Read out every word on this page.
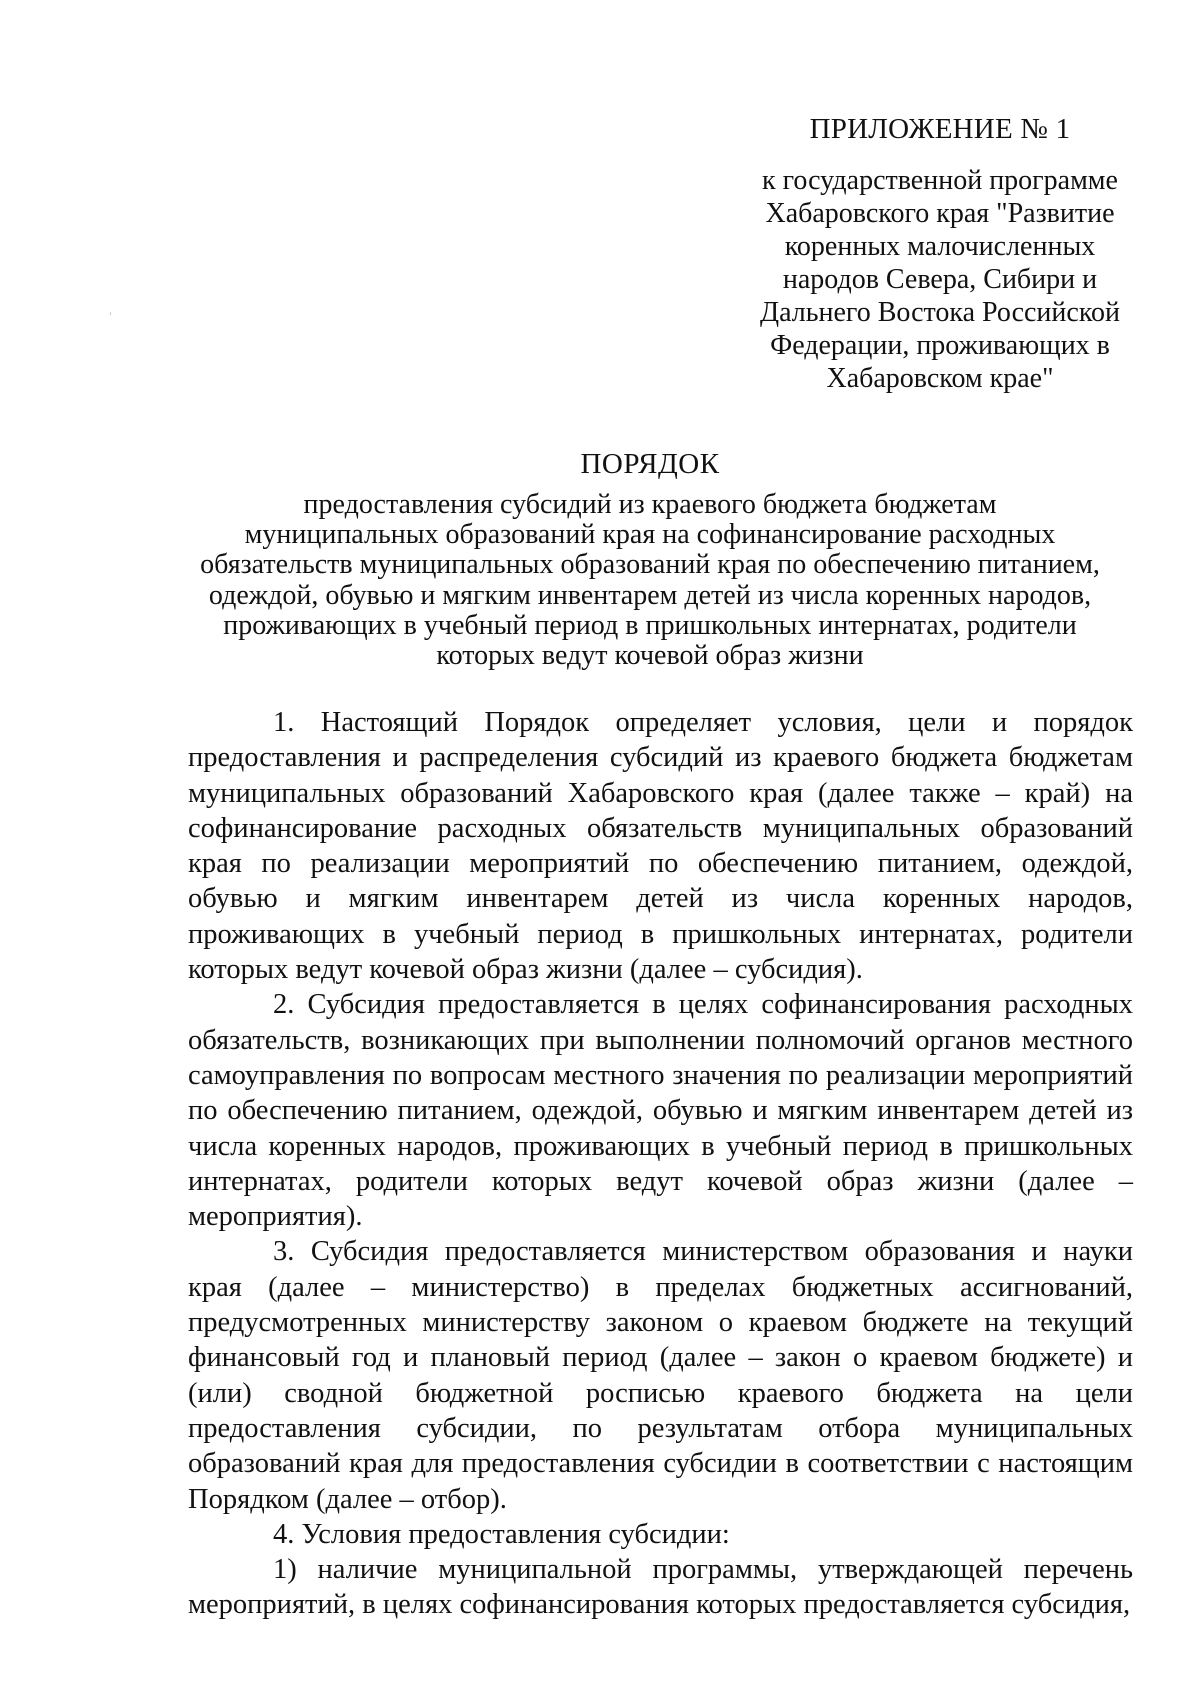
ПРИЛОЖЕНИЕ № 1
к государственной программе
Хабаровского края "Развитие
коренных малочисленных
народов Севера, Сибири и
Дальнего Востока Российской
Федерации, проживающих в
Хабаровском крае"
ПОРЯДОК
предоставления субсидий из краевого бюджета бюджетам
муниципальных образований края на софинансирование расходных
обязательств муниципальных образований края по обеспечению питанием,
одеждой, обувью и мягким инвентарем детей из числа коренных народов,
проживающих в учебный период в пришкольных интернатах, родители
которых ведут кочевой образ жизни

1. Настоящий Порядок определяет условия, цели и порядок предоставления и распределения субсидий из краевого бюджета бюджетам муниципальных образований Хабаровского края (далее также – край) на софинансирование расходных обязательств муниципальных образований края по реализации мероприятий по обеспечению питанием, одеждой, обувью и мягким инвентарем детей из числа коренных народов, проживающих в учебный период в пришкольных интернатах, родители которых ведут кочевой образ жизни (далее – субсидия).

2. Субсидия предоставляется в целях софинансирования расходных обязательств, возникающих при выполнении полномочий органов местного самоуправления по вопросам местного значения по реализации мероприятий по обеспечению питанием, одеждой, обувью и мягким инвентарем детей из числа коренных народов, проживающих в учебный период в пришкольных интернатах, родители которых ведут кочевой образ жизни (далее – мероприятия).

3. Субсидия предоставляется министерством образования и науки края (далее – министерство) в пределах бюджетных ассигнований, предусмотренных министерству законом о краевом бюджете на текущий финансовый год и плановый период (далее – закон о краевом бюджете) и (или) сводной бюджетной росписью краевого бюджета на цели предоставления субсидии, по результатам отбора муниципальных образований края для предоставления субсидии в соответствии с настоящим Порядком (далее – отбор).

4. Условия предоставления субсидии:

1) наличие муниципальной программы, утверждающей перечень мероприятий, в целях софинансирования которых предоставляется субсидия,
